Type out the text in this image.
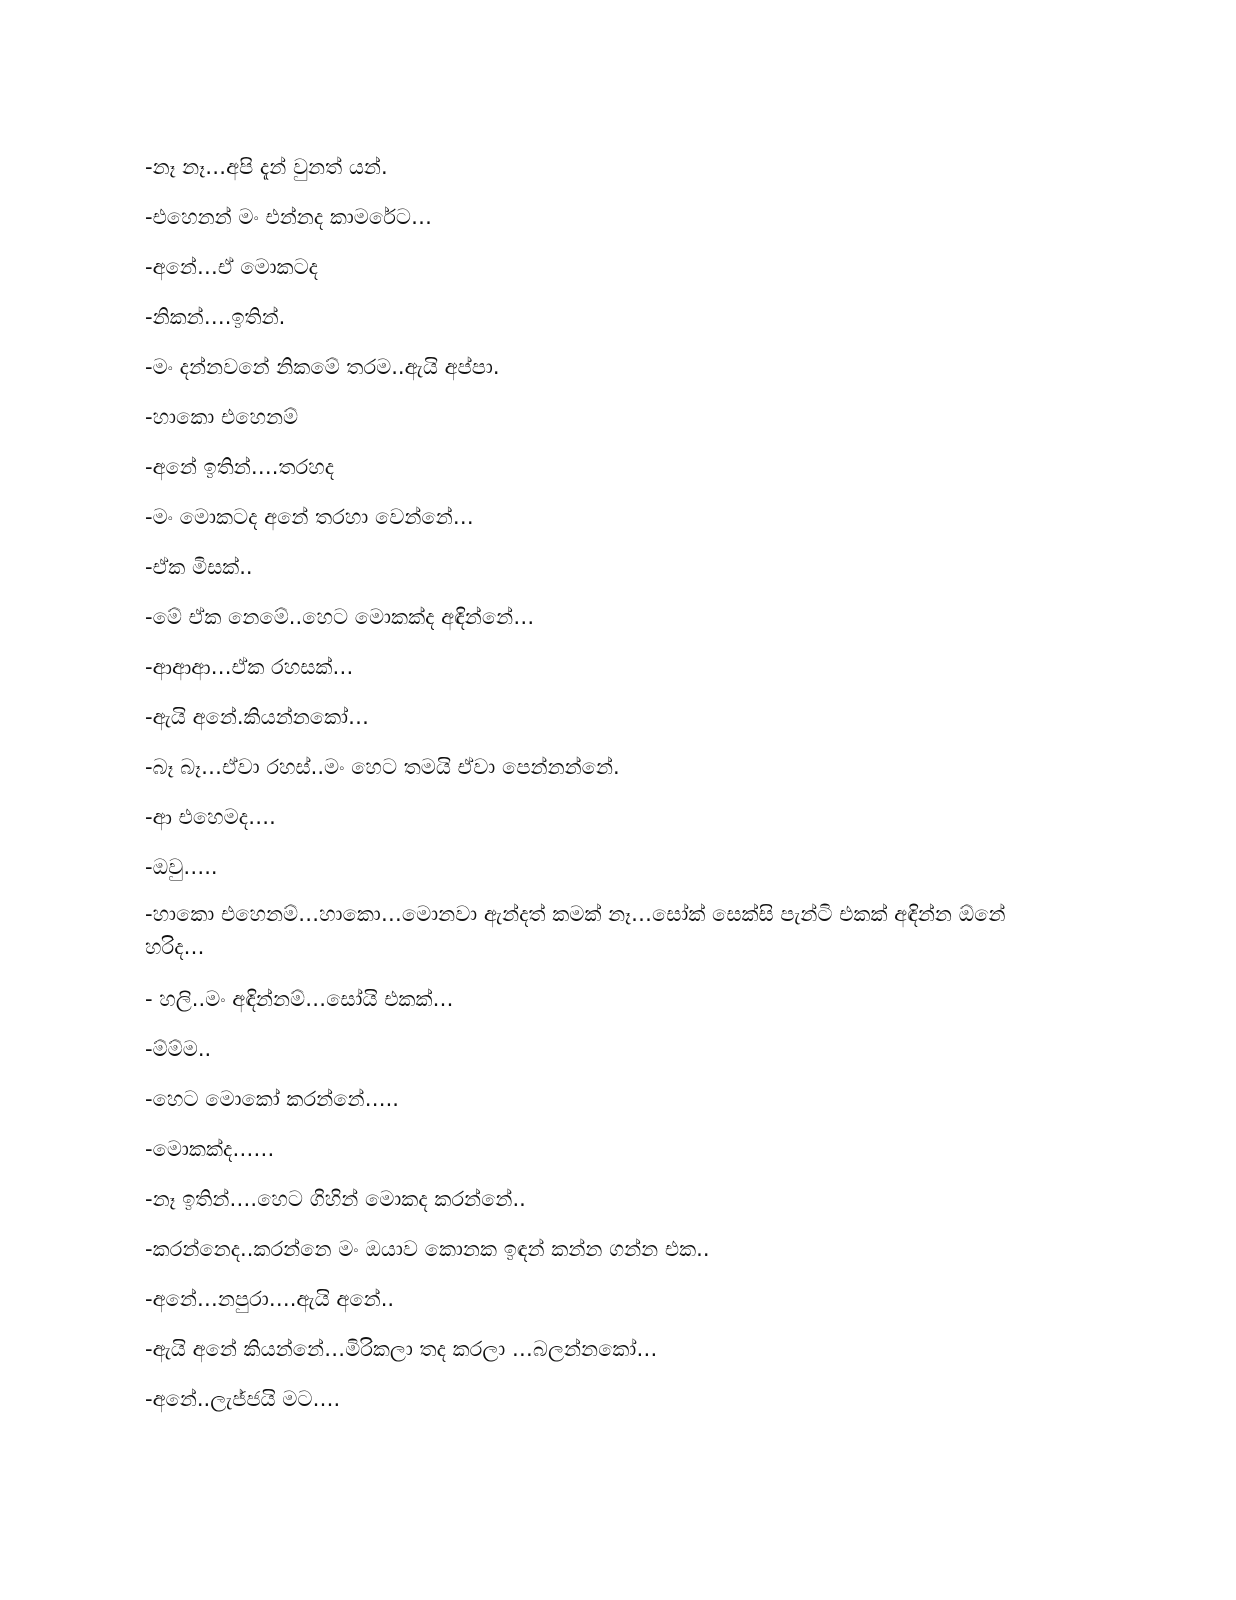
-නෑ නෑ…අපි දැන් වුනත් යන්.
-එහෙනන් මං එන්නද කාමරේට…
-අනේ…ඒ මොකටද
-නිකන්….ඉතින්.
-මං දන්නවනේ නිකමේ තරම..ඇයි අප්පා.
-හාකො එහෙනම්
-අනේ ඉතින්….තරහද
-මං මොකටද අනේ තරහා වෙන්නේ…
-ඒක මිසක්..
-මේ ඒක නෙමේ..හෙට මොකක්ද අඳින්නේ…
-ආආආ…ඒක රහසක්…
-ඇයි අනේ.කියන්නකෝ…
-බෑ බෑ…ඒවා රහස්..මං හෙට තමයි ඒවා පෙන්නන්නේ.
-ආ එහෙමද….
-ඔවු…..
-හාකො එහෙනම්…හාකො…මොනවා ඇන්දත් කමක් නෑ…සෝක් සෙක්සි පැන්ටි එකක් අඳින්න ඕනේ හරිද…
- හලි..මං අඳින්නම්…සෝයි එකක්…
-ම්ම්ම..
-හෙට මොකෝ කරන්නේ…..
-මොකක්ද……
-නෑ ඉතින්….හෙට ගිහින් මොකද කරන්නේ..
-කරන්නෙද..කරන්නෙ මං ඔයාව කොනක ඉඳන් කන්න ගන්න එක..
-අනේ…නපුරා….ඇයි අනේ..
-ඇයි අනේ කියන්නේ…මිරිකලා තද කරලා …බලන්නකෝ…
-අනේ..ලැජ්ජයි මට….
